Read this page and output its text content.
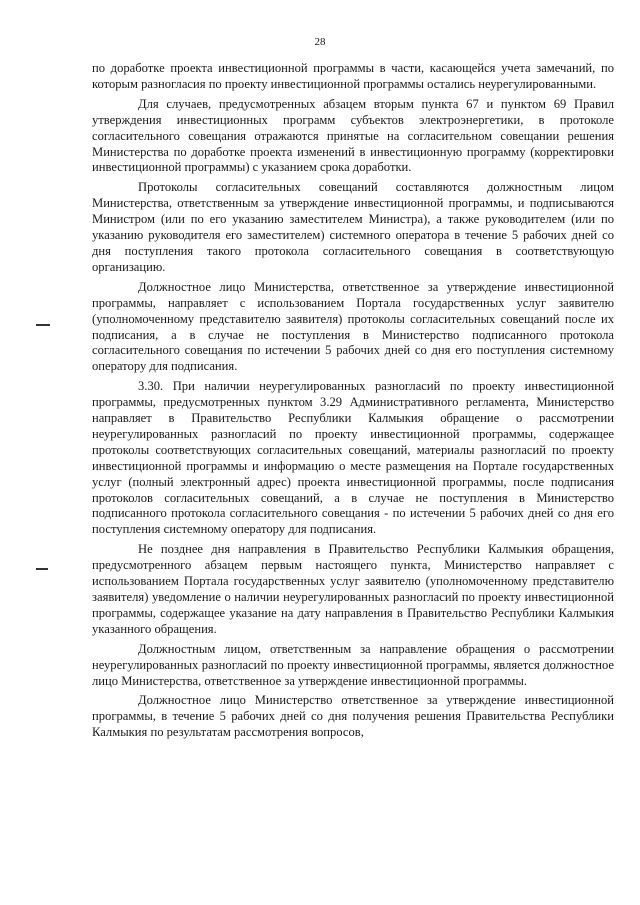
28

по доработке проекта инвестиционной программы в части, касающейся учета замечаний, по которым разногласия по проекту инвестиционной программы остались неурегулированными.

Для случаев, предусмотренных абзацем вторым пункта 67 и пунктом 69 Правил утверждения инвестиционных программ субъектов электроэнергетики, в протоколе согласительного совещания отражаются принятые на согласительном совещании решения Министерства по доработке проекта изменений в инвестиционную программу (корректировки инвестиционной программы) с указанием срока доработки.

Протоколы согласительных совещаний составляются должностным лицом Министерства, ответственным за утверждение инвестиционной программы, и подписываются Министром (или по его указанию заместителем Министра), а также руководителем (или по указанию руководителя его заместителем) системного оператора в течение 5 рабочих дней со дня поступления такого протокола согласительного совещания в соответствующую организацию.

Должностное лицо Министерства, ответственное за утверждение инвестиционной программы, направляет с использованием Портала государственных услуг заявителю (уполномоченному представителю заявителя) протоколы согласительных совещаний после их подписания, а в случае не поступления в Министерство подписанного протокола согласительного совещания по истечении 5 рабочих дней со дня его поступления системному оператору для подписания.

3.30. При наличии неурегулированных разногласий по проекту инвестиционной программы, предусмотренных пунктом 3.29 Административного регламента, Министерство направляет в Правительство Республики Калмыкия обращение о рассмотрении неурегулированных разногласий по проекту инвестиционной программы, содержащее протоколы соответствующих согласительных совещаний, материалы разногласий по проекту инвестиционной программы и информацию о месте размещения на Портале государственных услуг (полный электронный адрес) проекта инвестиционной программы, после подписания протоколов согласительных совещаний, а в случае не поступления в Министерство подписанного протокола согласительного совещания - по истечении 5 рабочих дней со дня его поступления системному оператору для подписания.

Не позднее дня направления в Правительство Республики Калмыкия обращения, предусмотренного абзацем первым настоящего пункта, Министерство направляет с использованием Портала государственных услуг заявителю (уполномоченному представителю заявителя) уведомление о наличии неурегулированных разногласий по проекту инвестиционной программы, содержащее указание на дату направления в Правительство Республики Калмыкия указанного обращения.

Должностным лицом, ответственным за направление обращения о рассмотрении неурегулированных разногласий по проекту инвестиционной программы, является должностное лицо Министерства, ответственное за утверждение инвестиционной программы.

Должностное лицо Министерство ответственное за утверждение инвестиционной программы, в течение 5 рабочих дней со дня получения решения Правительства Республики Калмыкия по результатам рассмотрения вопросов,
